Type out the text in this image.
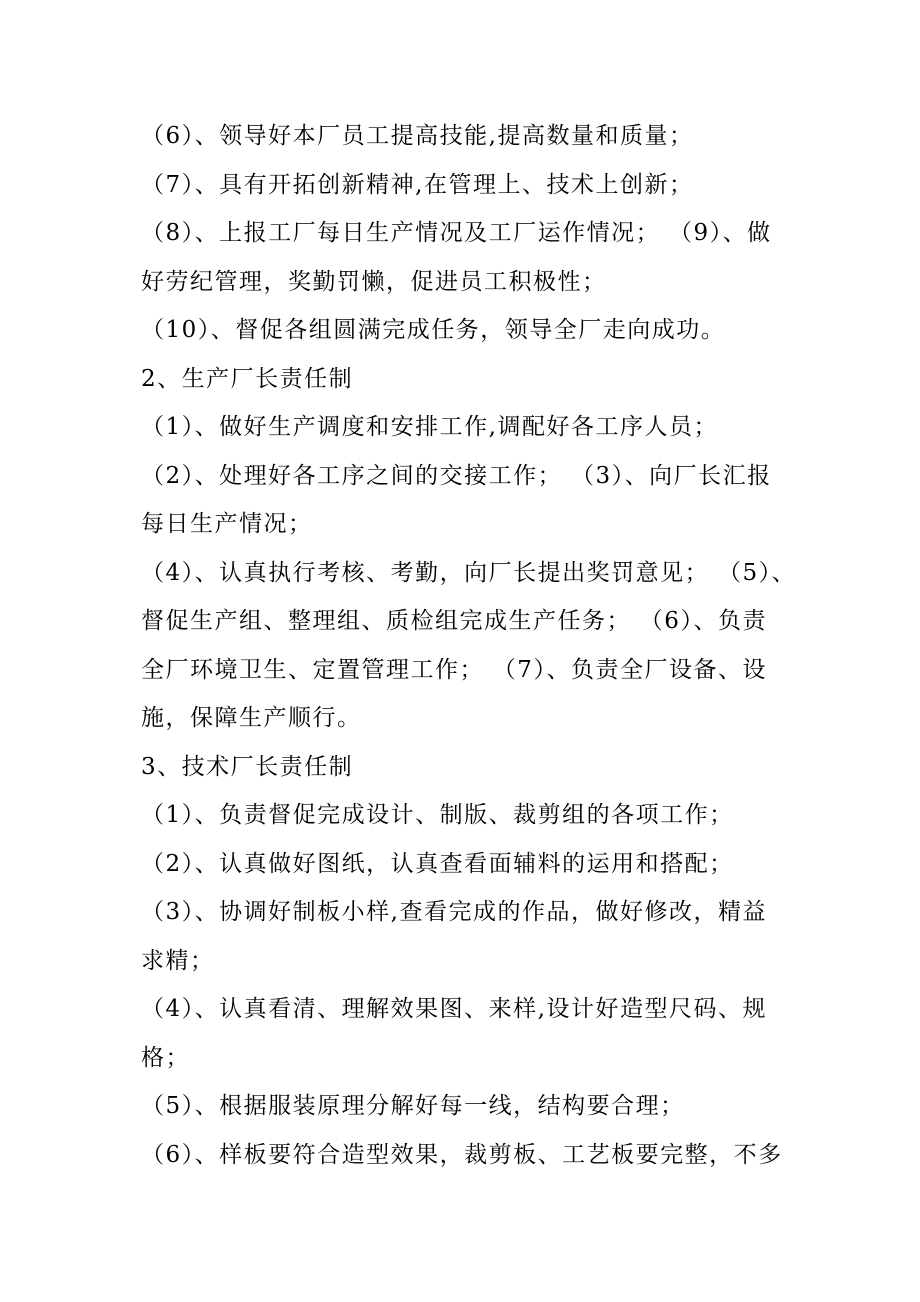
（6）、领导好本厂员工提高技能,提高数量和质量；
（7）、具有开拓创新精神,在管理上、技术上创新；
（8）、上报工厂每日生产情况及工厂运作情况； （9）、做
好劳纪管理，奖勤罚懒，促进员工积极性；
（10）、督促各组圆满完成任务，领导全厂走向成功。
2、生产厂长责任制
（1）、做好生产调度和安排工作,调配好各工序人员；
（2）、处理好各工序之间的交接工作； （3）、向厂长汇报
每日生产情况；
（4）、认真执行考核、考勤，向厂长提出奖罚意见； （5）、
督促生产组、整理组、质检组完成生产任务； （6）、负责
全厂环境卫生、定置管理工作； （7）、负责全厂设备、设
施，保障生产顺行。
3、技术厂长责任制
（1）、负责督促完成设计、制版、裁剪组的各项工作；
（2）、认真做好图纸，认真查看面辅料的运用和搭配；
（3）、协调好制板小样,查看完成的作品，做好修改，精益
求精；
（4）、认真看清、理解效果图、来样,设计好造型尺码、规
格；
（5）、根据服装原理分解好每一线，结构要合理；
（6）、样板要符合造型效果，裁剪板、工艺板要完整，不多
